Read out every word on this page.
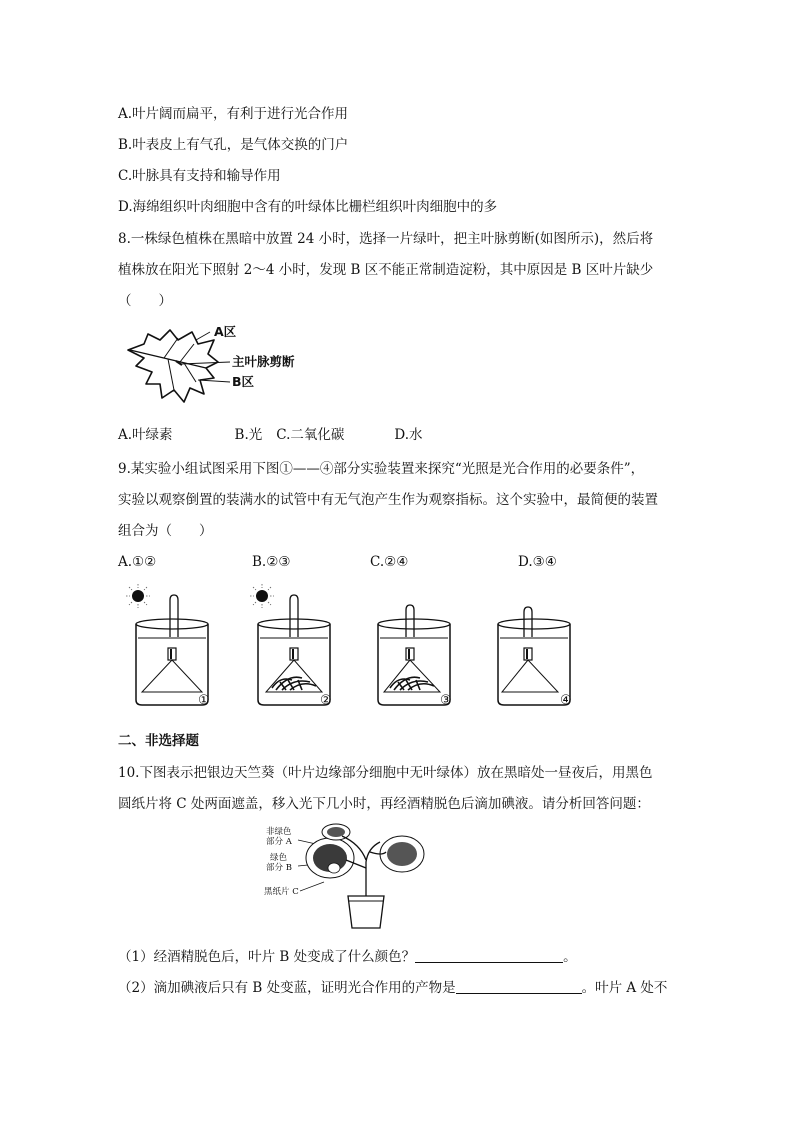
A.叶片阔而扁平，有利于进行光合作用
B.叶表皮上有气孔，是气体交换的门户
C.叶脉具有支持和输导作用
D.海绵组织叶肉细胞中含有的叶绿体比栅栏组织叶肉细胞中的多
8.一株绿色植株在黑暗中放置 24 小时，选择一片绿叶，把主叶脉剪断(如图所示)，然后将
植株放在阳光下照射 2～4 小时，发现 B 区不能正常制造淀粉，其中原因是 B 区叶片缺少
（　　）
A区
主叶脉剪断
B区
A.叶绿素	B.光 C.二氧化碳	D.水
9.某实验小组试图采用下图①——④部分实验装置来探究“光照是光合作用的必要条件”，
实验以观察倒置的装满水的试管中有无气泡产生作为观察指标。这个实验中，最简便的装置
组合为（　　）
A.①②	B.②③	C.②④	D.③④
①	②	③	④
二、非选择题
10.下图表示把银边天竺葵（叶片边缘部分细胞中无叶绿体）放在黑暗处一昼夜后，用黑色
圆纸片将 C 处两面遮盖，移入光下几小时，再经酒精脱色后滴加碘液。请分析回答问题：
非绿色
部分 A
绿色
部分 B
黑纸片 C
（1）经酒精脱色后，叶片 B 处变成了什么颜色？	。
（2）滴加碘液后只有 B 处变蓝，证明光合作用的产物是	。叶片 A 处不
